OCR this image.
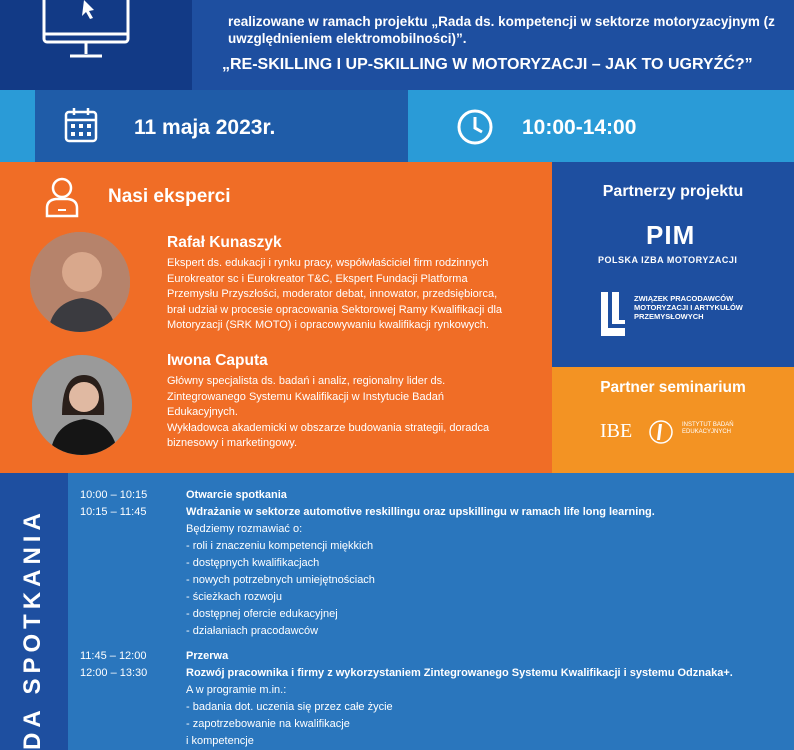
realizowane w ramach projektu „Rada ds. kompetencji w sektorze motoryzacyjnym (z uwzględnieniem elektromobilności)”.
„RE-SKILLING I UP-SKILLING W MOTORYZACJI – JAK TO UGRYŹĆ?”
11 maja 2023r.	10:00-14:00
Nasi eksperci
Rafał Kunaszyk
Ekspert ds. edukacji i rynku pracy, współwłaściciel firm rodzinnych
Eurokreator sc i Eurokreator T&C, Ekspert Fundacji Platforma
Przemysłu Przyszłości, moderator debat, innowator, przedsiębiorca,
brał udział w procesie opracowania Sektorowej Ramy Kwalifikacji dla
Motoryzacji (SRK MOTO) i opracowywaniu kwalifikacji rynkowych.
Iwona Caputa
Główny specjalista ds. badań i analiz, regionalny lider ds.
Zintegrowanego Systemu Kwalifikacji w Instytucie Badań
Edukacyjnych.
Wykładowca akademicki w obszarze budowania strategii, doradca
biznesowy i marketingowy.
Partnerzy projektu
PIM
POLSKA IZBA MOTORYZACJI
ZWIĄZEK PRACODAWCÓW MOTORYZACJI I ARTYKUŁÓW PRZEMYSŁOWYCH
Partner seminarium
IBE	INSTYTUT BADAŃ EDUKACYJNYCH
DA SPOTKANIA
10:00 – 10:15	Otwarcie spotkania
10:15 – 11:45	Wdrażanie w sektorze automotive reskillingu oraz upskillingu w ramach life long learning.
Będziemy rozmawiać o:
- roli i znaczeniu kompetencji miękkich
- dostępnych kwalifikacjach
- nowych potrzebnych umiejętnościach
- ścieżkach rozwoju
- dostępnej ofercie edukacyjnej
- działaniach pracodawców
11:45 – 12:00	Przerwa
12:00 – 13:30	Rozwój pracownika i firmy z wykorzystaniem Zintegrowanego Systemu Kwalifikacji i systemu Odznaka+.
A w programie m.in.:
- badania dot. uczenia się przez całe życie
- zapotrzebowanie na kwalifikacje
i kompetencje
